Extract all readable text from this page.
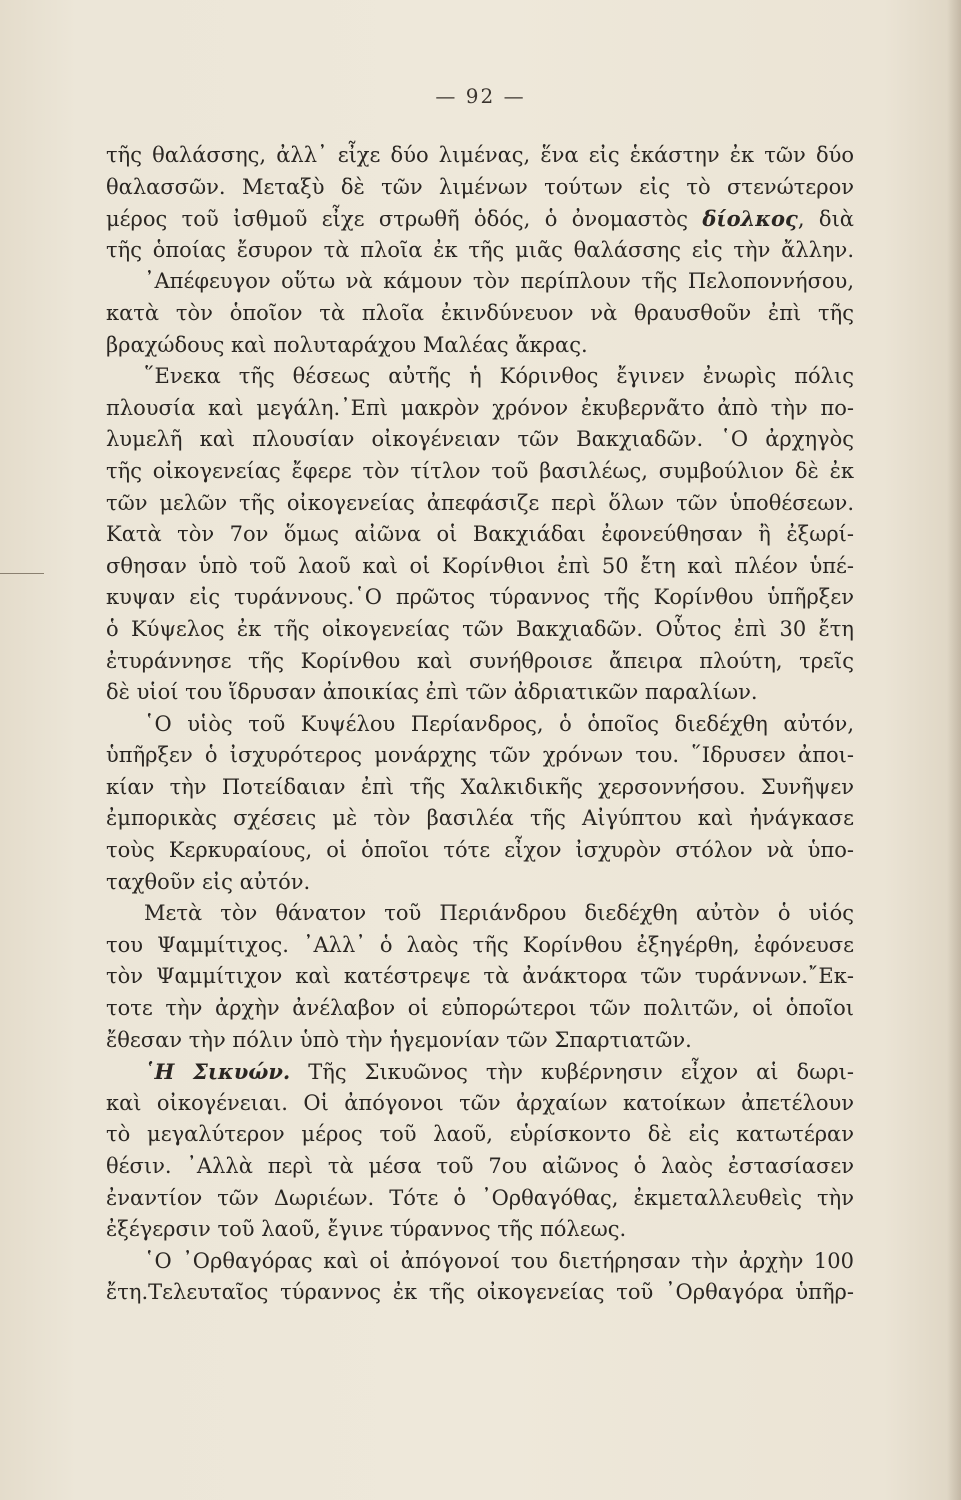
— 92 —
τῆς θαλάσσης, ἀλλ᾽ εἶχε δύο λιμένας, ἕνα εἰς ἑκάστην ἐκ τῶν δύο
θαλασσῶν. Μεταξὺ δὲ τῶν λιμένων τούτων εἰς τὸ στενώτερον
μέρος τοῦ ἰσθμοῦ εἶχε στρωθῆ ὁδός, ὁ ὀνομαστὸς δίολκος, διὰ
τῆς ὁποίας ἔσυρον τὰ πλοῖα ἐκ τῆς μιᾶς θαλάσσης εἰς τὴν ἄλλην.
᾽Απέφευγον οὕτω νὰ κάμουν τὸν περίπλουν τῆς Πελοποννήσου,
κατὰ τὸν ὁποῖον τὰ πλοῖα ἐκινδύνευον νὰ θραυσθοῦν ἐπὶ τῆς
βραχώδους καὶ πολυταράχου Μαλέας ἄκρας.
῞Ενεκα τῆς θέσεως αὐτῆς ἡ Κόρινθος ἔγινεν ἐνωρὶς πόλις
πλουσία καὶ μεγάλη.᾽Επὶ μακρὸν χρόνον ἐκυβερνᾶτο ἀπὸ τὴν πο-
λυμελῆ καὶ πλουσίαν οἰκογένειαν τῶν Βακχιαδῶν. ῾Ο ἀρχηγὸς
τῆς οἰκογενείας ἔφερε τὸν τίτλον τοῦ βασιλέως, συμβούλιον δὲ ἐκ
τῶν μελῶν τῆς οἰκογενείας ἀπεφάσιζε περὶ ὅλων τῶν ὑποθέσεων.
Κατὰ τὸν 7ον ὅμως αἰῶνα οἱ Βακχιάδαι ἐφονεύθησαν ἢ ἐξωρί-
σθησαν ὑπὸ τοῦ λαοῦ καὶ οἱ Κορίνθιοι ἐπὶ 50 ἔτη καὶ πλέον ὑπέ-
κυψαν εἰς τυράννους.῾Ο πρῶτος τύραννος τῆς Κορίνθου ὑπῆρξεν
ὁ Κύψελος ἐκ τῆς οἰκογενείας τῶν Βακχιαδῶν. Οὗτος ἐπὶ 30 ἔτη
ἐτυράννησε τῆς Κορίνθου καὶ συνήθροισε ἄπειρα πλούτη, τρεῖς
δὲ υἱοί του ἵδρυσαν ἀποικίας ἐπὶ τῶν ἀδριατικῶν παραλίων.
῾Ο υἱὸς τοῦ Κυψέλου Περίανδρος, ὁ ὁποῖος διεδέχθη αὐτόν,
ὑπῆρξεν ὁ ἰσχυρότερος μονάρχης τῶν χρόνων του. ῞Ιδρυσεν ἀποι-
κίαν τὴν Ποτείδαιαν ἐπὶ τῆς Χαλκιδικῆς χερσοννήσου. Συνῆψεν
ἐμπορικὰς σχέσεις μὲ τὸν βασιλέα τῆς Αἰγύπτου καὶ ἠνάγκασε
τοὺς Κερκυραίους, οἱ ὁποῖοι τότε εἶχον ἰσχυρὸν στόλον νὰ ὑπο-
ταχθοῦν εἰς αὐτόν.
Μετὰ τὸν θάνατον τοῦ Περιάνδρου διεδέχθη αὐτὸν ὁ υἱός
του Ψαμμίτιχος. ᾽Αλλ᾽ ὁ λαὸς τῆς Κορίνθου ἐξηγέρθη, ἐφόνευσε
τὸν Ψαμμίτιχον καὶ κατέστρεψε τὰ ἀνάκτορα τῶν τυράννων.῎Εκ-
τοτε τὴν ἀρχὴν ἀνέλαβον οἱ εὐπορώτεροι τῶν πολιτῶν, οἱ ὁποῖοι
ἔθεσαν τὴν πόλιν ὑπὸ τὴν ἡγεμονίαν τῶν Σπαρτιατῶν.
῾Η Σικυών. Τῆς Σικυῶνος τὴν κυβέρνησιν εἶχον αἱ δωρι-
καὶ οἰκογένειαι. Οἱ ἀπόγονοι τῶν ἀρχαίων κατοίκων ἀπετέλουν
τὸ μεγαλύτερον μέρος τοῦ λαοῦ, εὑρίσκοντο δὲ εἰς κατωτέραν
θέσιν. ᾽Αλλὰ περὶ τὰ μέσα τοῦ 7ου αἰῶνος ὁ λαὸς ἐστασίασεν
ἐναντίον τῶν Δωριέων. Τότε ὁ ᾽Ορθαγόθας, ἐκμεταλλευθεὶς τὴν
ἐξέγερσιν τοῦ λαοῦ, ἔγινε τύραννος τῆς πόλεως.
῾Ο ᾽Ορθαγόρας καὶ οἱ ἀπόγονοί του διετήρησαν τὴν ἀρχὴν 100
ἔτη.Τελευταῖος τύραννος ἐκ τῆς οἰκογενείας τοῦ ᾽Ορθαγόρα ὑπῆρ-
